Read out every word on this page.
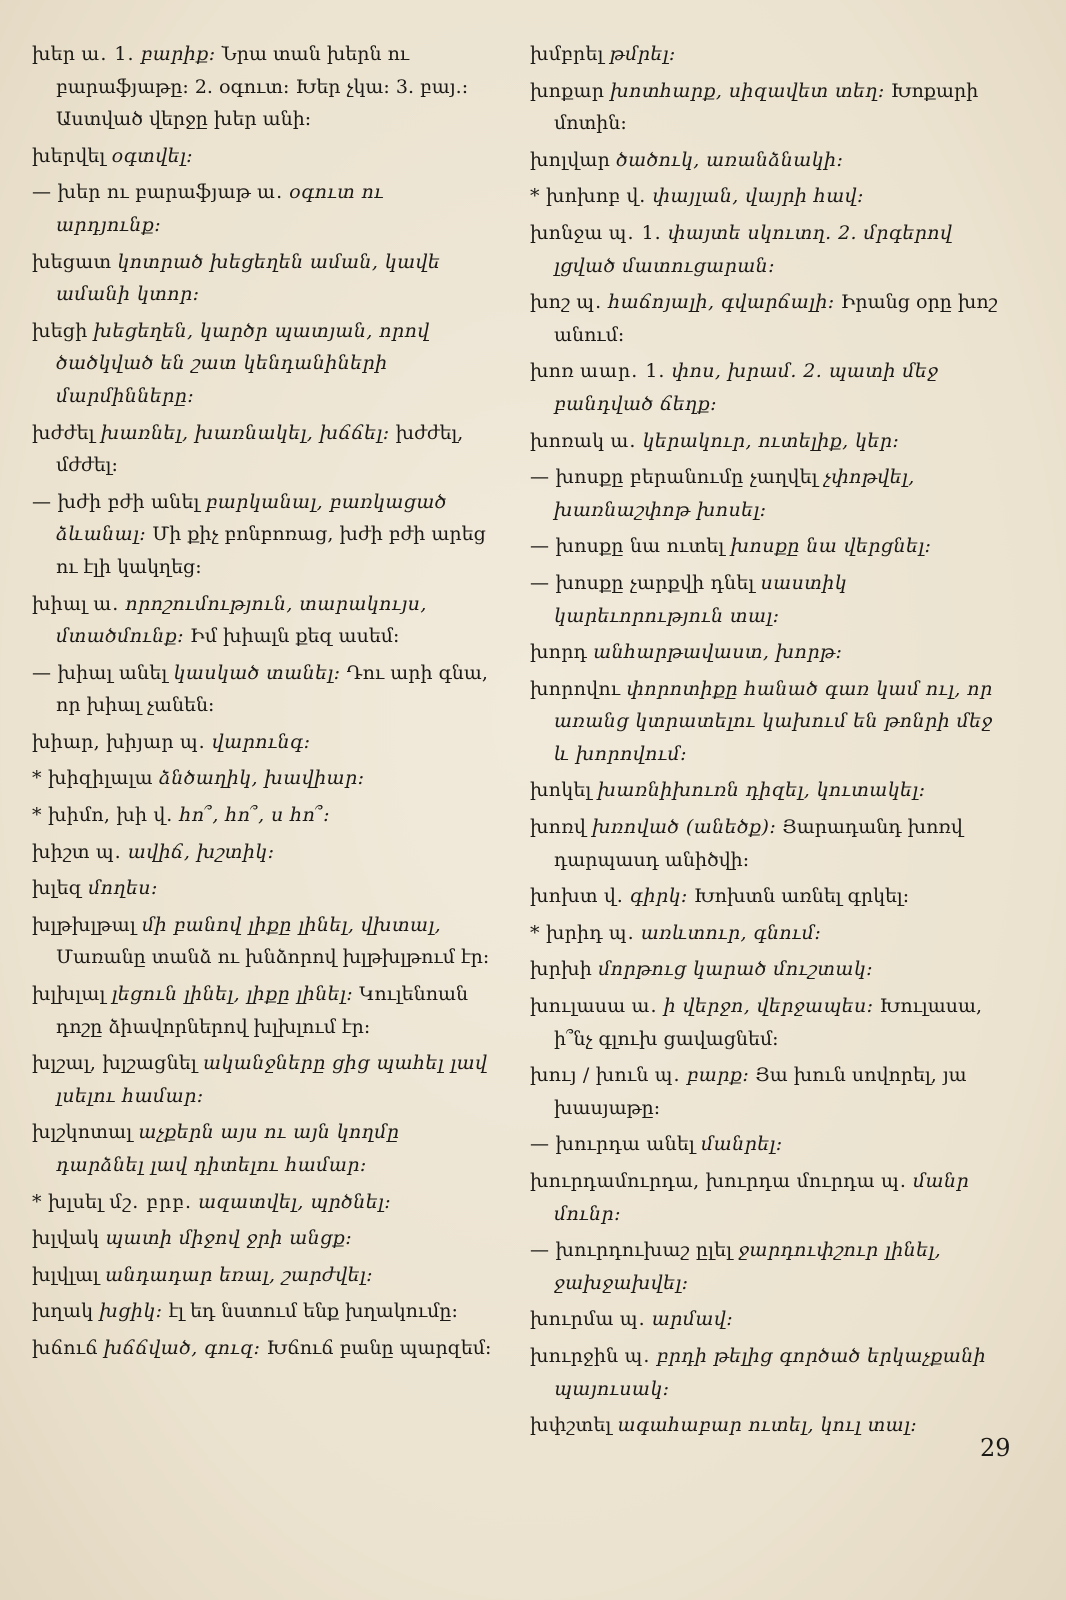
խեր ա. 1. բարիք։ Նրա տան խերն ու բարաֆյաթը: 2. օգուտ։ Խեր չկա: 3. բայ.։ Աստված վերջը խեր անի:
խերվել օգտվել։
— խեր ու բարաֆյաթ ա. օգուտ ու արդյունք։
խեցատ կոտրած խեցեղեն աման, կավե ամանի կտոր։
խեցի խեցեղեն, կարծր պատյան, որով ծածկված են շատ կենդանիների մարմինները։
խժժել խառնել, խառնակել, խճճել։ խժժել, մժժել:
— խժի բժի անել բարկանալ, բառկացած ձևանալ։ Մի քիչ բոնբոռաց, խժի բժի արեց ու էլի կակղեց:
խիալ ա. որոշումություն, տարակույս, մտածմունք։ Իմ խիալն քեզ ասեմ:
— խիալ անել կասկած տանել։ Դու արի գնա, որ խիալ չանեն:
խիար, խիյար պ. վարունգ։
* խիզիլալա ձնծաղիկ, խավիար։
* խիմո, խի վ. հո՞, հո՞, ս հո՞։
խիշտ պ. ավիճ, խշտիկ։
խլեզ մողես։
խլթխլթալ մի բանով լիքը լինել, վխտալ, Մառանը տանձ ու խնձորով խլթխլթում էր:
խլխլալ լեցուն լինել, լիքը լինել։ Կուլենոան դոշը ձիավորներով խլխլում էր:
խլշալ, խլշացնել ականջները ցից պահել լավ լսելու համար։
խլշկոտալ աչքերն այս ու այն կողմը դարձնել լավ դիտելու համար։
* խլսել մշ. բրբ. ազատվել, պրծնել։
խլվակ պատի միջով ջրի անցք։
խլվլալ անդադար եռալ, շարժվել։
խղակ խցիկ։ էլ եդ նստում ենք խղակումը:
խճուճ խճճված, գուզ։ Խճուճ բանը պարզեմ:
խմբրել թմրել։
խոքար խոտհարք, սիզավետ տեղ։ Խոքարի մոտին:
խոլվար ծածուկ, առանձնակի։
* խոխոբ վ. փայլան, վայրի հավ։
խոնջա պ. 1. փայտե սկուտղ. 2. մրգերով լցված մատուցարան։
խոշ պ. հաճոյալի, գվարճալի։ Իրանց օրը խոշ անում:
խոռ աար. 1. փոս, խրամ. 2. պատի մեջ բանդված ճեղք։
խոռակ ա. կերակուր, ուտելիք, կեր։
— խոսքը բերանումը չաղվել չփոթվել, խառնաշփոթ խոսել։
— խոսքը նա ուտել խոսքը նա վերցնել։
— խոսքը չարքվի դնել սաստիկ կարեւորություն տալ։
խորդ անհարթավաստ, խորթ։
խորովու փորոտիքը հանած գառ կամ ուլ, որ առանց կտրատելու կախում են թոնրի մեջ և խորովում։
խոկել խառնիխուռն դիզել, կուտակել։
խոռվ խռոված (անեծք)։ Յարադանդ խոռվ դարպասդ անիծվի։
խոխտ վ. գիրկ։ Խոխտն առնել գրկել։
* խրիդ պ. առևտուր, գնում։
խրխի մորթուց կարած մուշտակ։
խուլասա ա. ի վերջո, վերջապես։ Խուլասա, ի՞նչ գլուխ ցավացնեմ:
խույ / խուն պ. բարք։ Յա խուն սովորել, յա խասյաթը:
— խուրդա անել մանրել։
խուրդամուրդա, խուրդա մուրդա պ. մանր մունր։
— խուրդուխաշ ըլել ջարդուփշուր լինել, ջախջախվել։
խուրմա պ. արմավ։
խուրջին պ. բրդի թելից գործած երկաչքանի պայուսակ։
խփշտել ագահաբար ուտել, կուլ տալ։
29
